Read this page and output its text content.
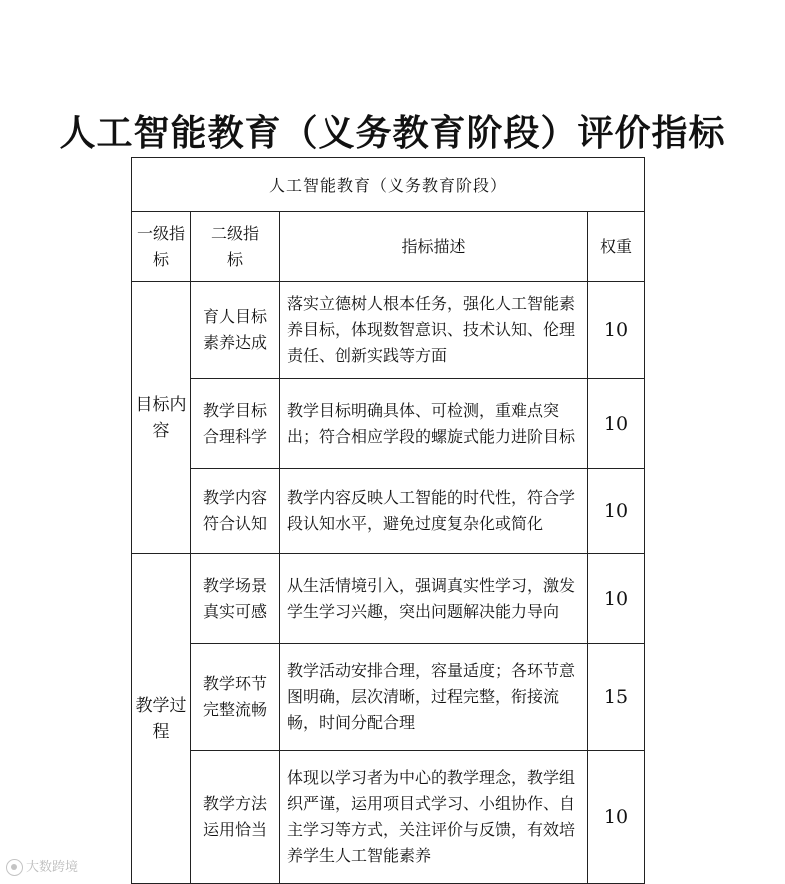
人工智能教育（义务教育阶段）评价指标
人工智能教育（义务教育阶段）			
一级指标	二级指标	指标描述	权重
目标内容	育人目标素养达成	落实立德树人根本任务，强化人工智能素养目标，体现数智意识、技术认知、伦理责任、创新实践等方面	10
	教学目标合理科学	教学目标明确具体、可检测，重难点突出；符合相应学段的螺旋式能力进阶目标	10
	教学内容符合认知	教学内容反映人工智能的时代性，符合学段认知水平，避免过度复杂化或简化	10
教学过程	教学场景真实可感	从生活情境引入，强调真实性学习，激发学生学习兴趣，突出问题解决能力导向	10
	教学环节完整流畅	教学活动安排合理，容量适度；各环节意图明确，层次清晰，过程完整，衔接流畅，时间分配合理	15
	教学方法运用恰当	体现以学习者为中心的教学理念，教学组织严谨，运用项目式学习、小组协作、自主学习等方式，关注评价与反馈，有效培养学生人工智能素养	10
大数跨境
